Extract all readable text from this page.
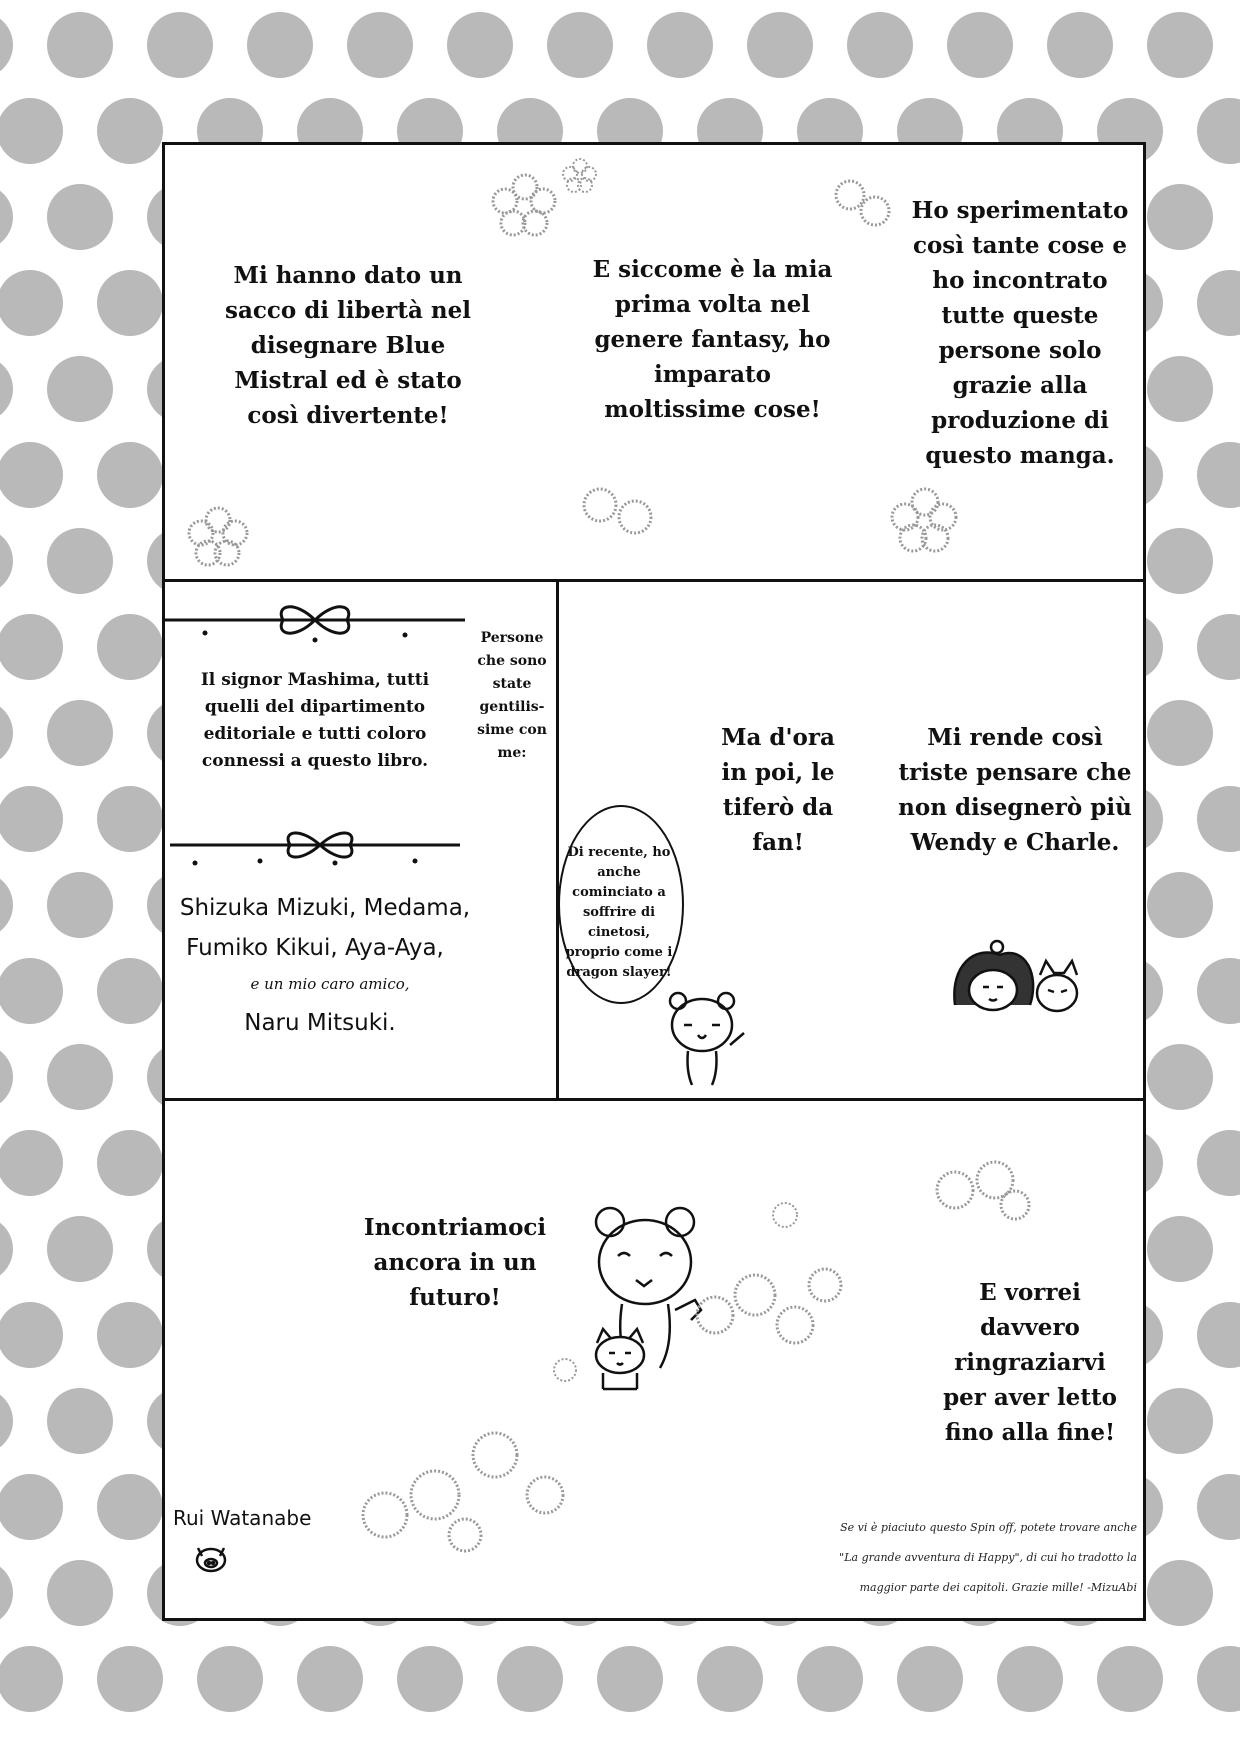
Mi hanno dato un sacco di libertà nel disegnare Blue Mistral ed è stato così divertente!
E siccome è la mia prima volta nel genere fantasy, ho imparato moltissime cose!
Ho sperimentato così tante cose e ho incontrato tutte queste persone solo grazie alla produzione di questo manga.
Il signor Mashima, tutti quelli del dipartimento editoriale e tutti coloro connessi a questo libro.
Persone che sono state gentilis-sime con me:
Shizuka Mizuki, Medama,
Fumiko Kikui, Aya-Aya,
e un mio caro amico,
Naru Mitsuki.
Di recente, ho anche cominciato a soffrire di cinetosi, proprio come i dragon slayer!
Ma d'ora in poi, le tiferò da fan!
Mi rende così triste pensare che non disegnerò più Wendy e Charle.
Incontriamoci ancora in un futuro!	E vorrei davvero ringraziarvi per aver letto fino alla fine!
Rui Watanabe	Se vi è piaciuto questo Spin off, potete trovare anche
"La grande avventura di Happy", di cui ho tradotto la
maggior parte dei capitoli. Grazie mille! -MizuAbi
